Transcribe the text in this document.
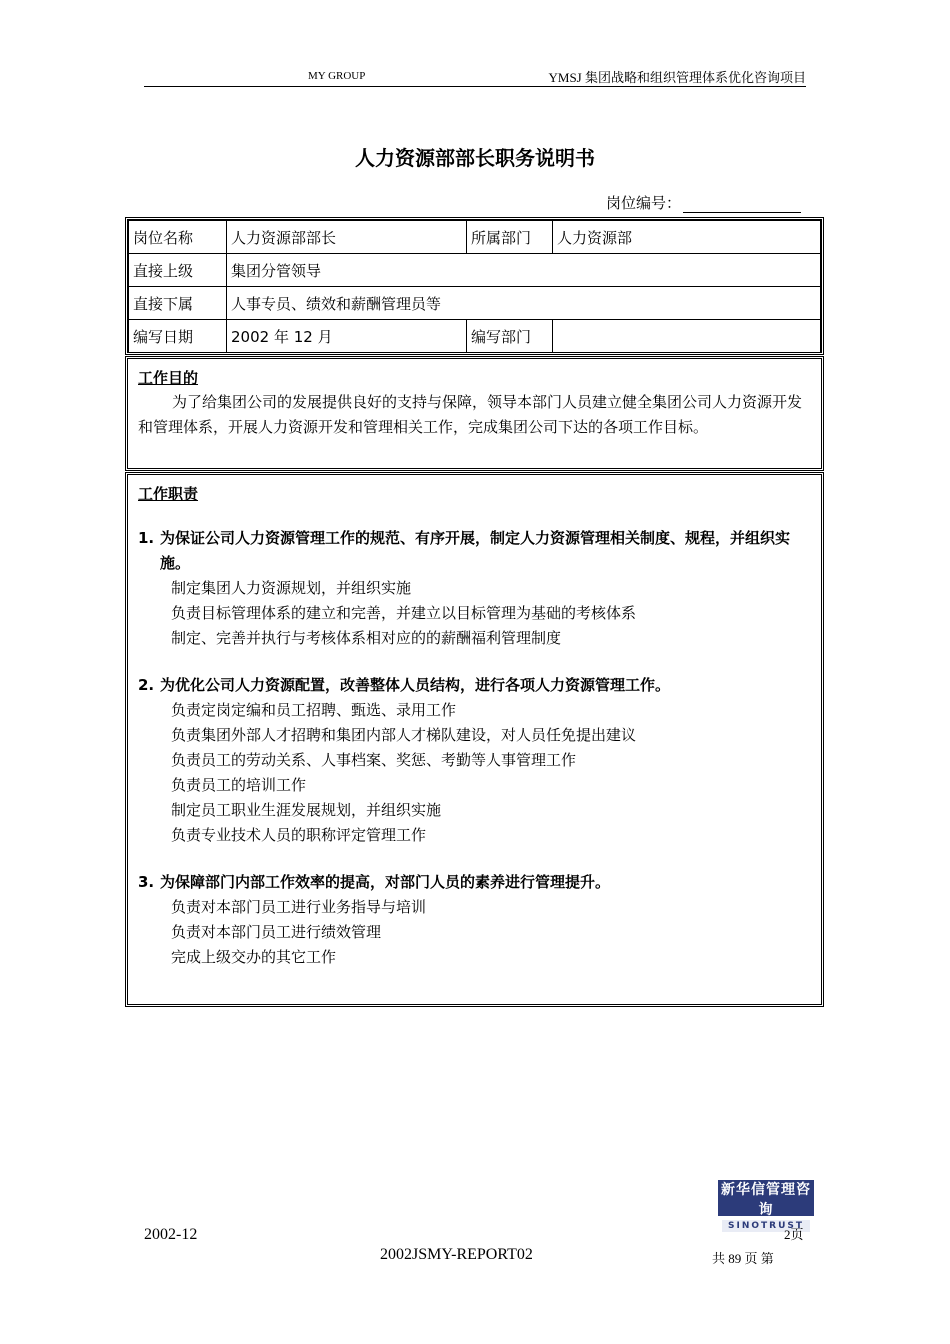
MY GROUP	YMSJ 集团战略和组织管理体系优化咨询项目
人力资源部部长职务说明书
岗位编号：
岗位名称	人力资源部部长	所属部门	人力资源部
直接上级	集团分管领导		
直接下属	人事专员、绩效和薪酬管理员等		
编写日期	2002 年 12 月	编写部门	
工作目的
为了给集团公司的发展提供良好的支持与保障，领导本部门人员建立健全集团公司人力资源开发和管理体系，开展人力资源开发和管理相关工作，完成集团公司下达的各项工作目标。
工作职责
1. 为保证公司人力资源管理工作的规范、有序开展，制定人力资源管理相关制度、规程，并组织实施。
制定集团人力资源规划，并组织实施
负责目标管理体系的建立和完善，并建立以目标管理为基础的考核体系
制定、完善并执行与考核体系相对应的的薪酬福利管理制度
2. 为优化公司人力资源配置，改善整体人员结构，进行各项人力资源管理工作。
负责定岗定编和员工招聘、甄选、录用工作
负责集团外部人才招聘和集团内部人才梯队建设，对人员任免提出建议
负责员工的劳动关系、人事档案、奖惩、考勤等人事管理工作
负责员工的培训工作
制定员工职业生涯发展规划，并组织实施
负责专业技术人员的职称评定管理工作
3. 为保障部门内部工作效率的提高，对部门人员的素养进行管理提升。
负责对本部门员工进行业务指导与培训
负责对本部门员工进行绩效管理
完成上级交办的其它工作
新华信管理咨询
SINOTRUST
2002-12	2页
2002JSMY-REPORT02	共 89 页 第
